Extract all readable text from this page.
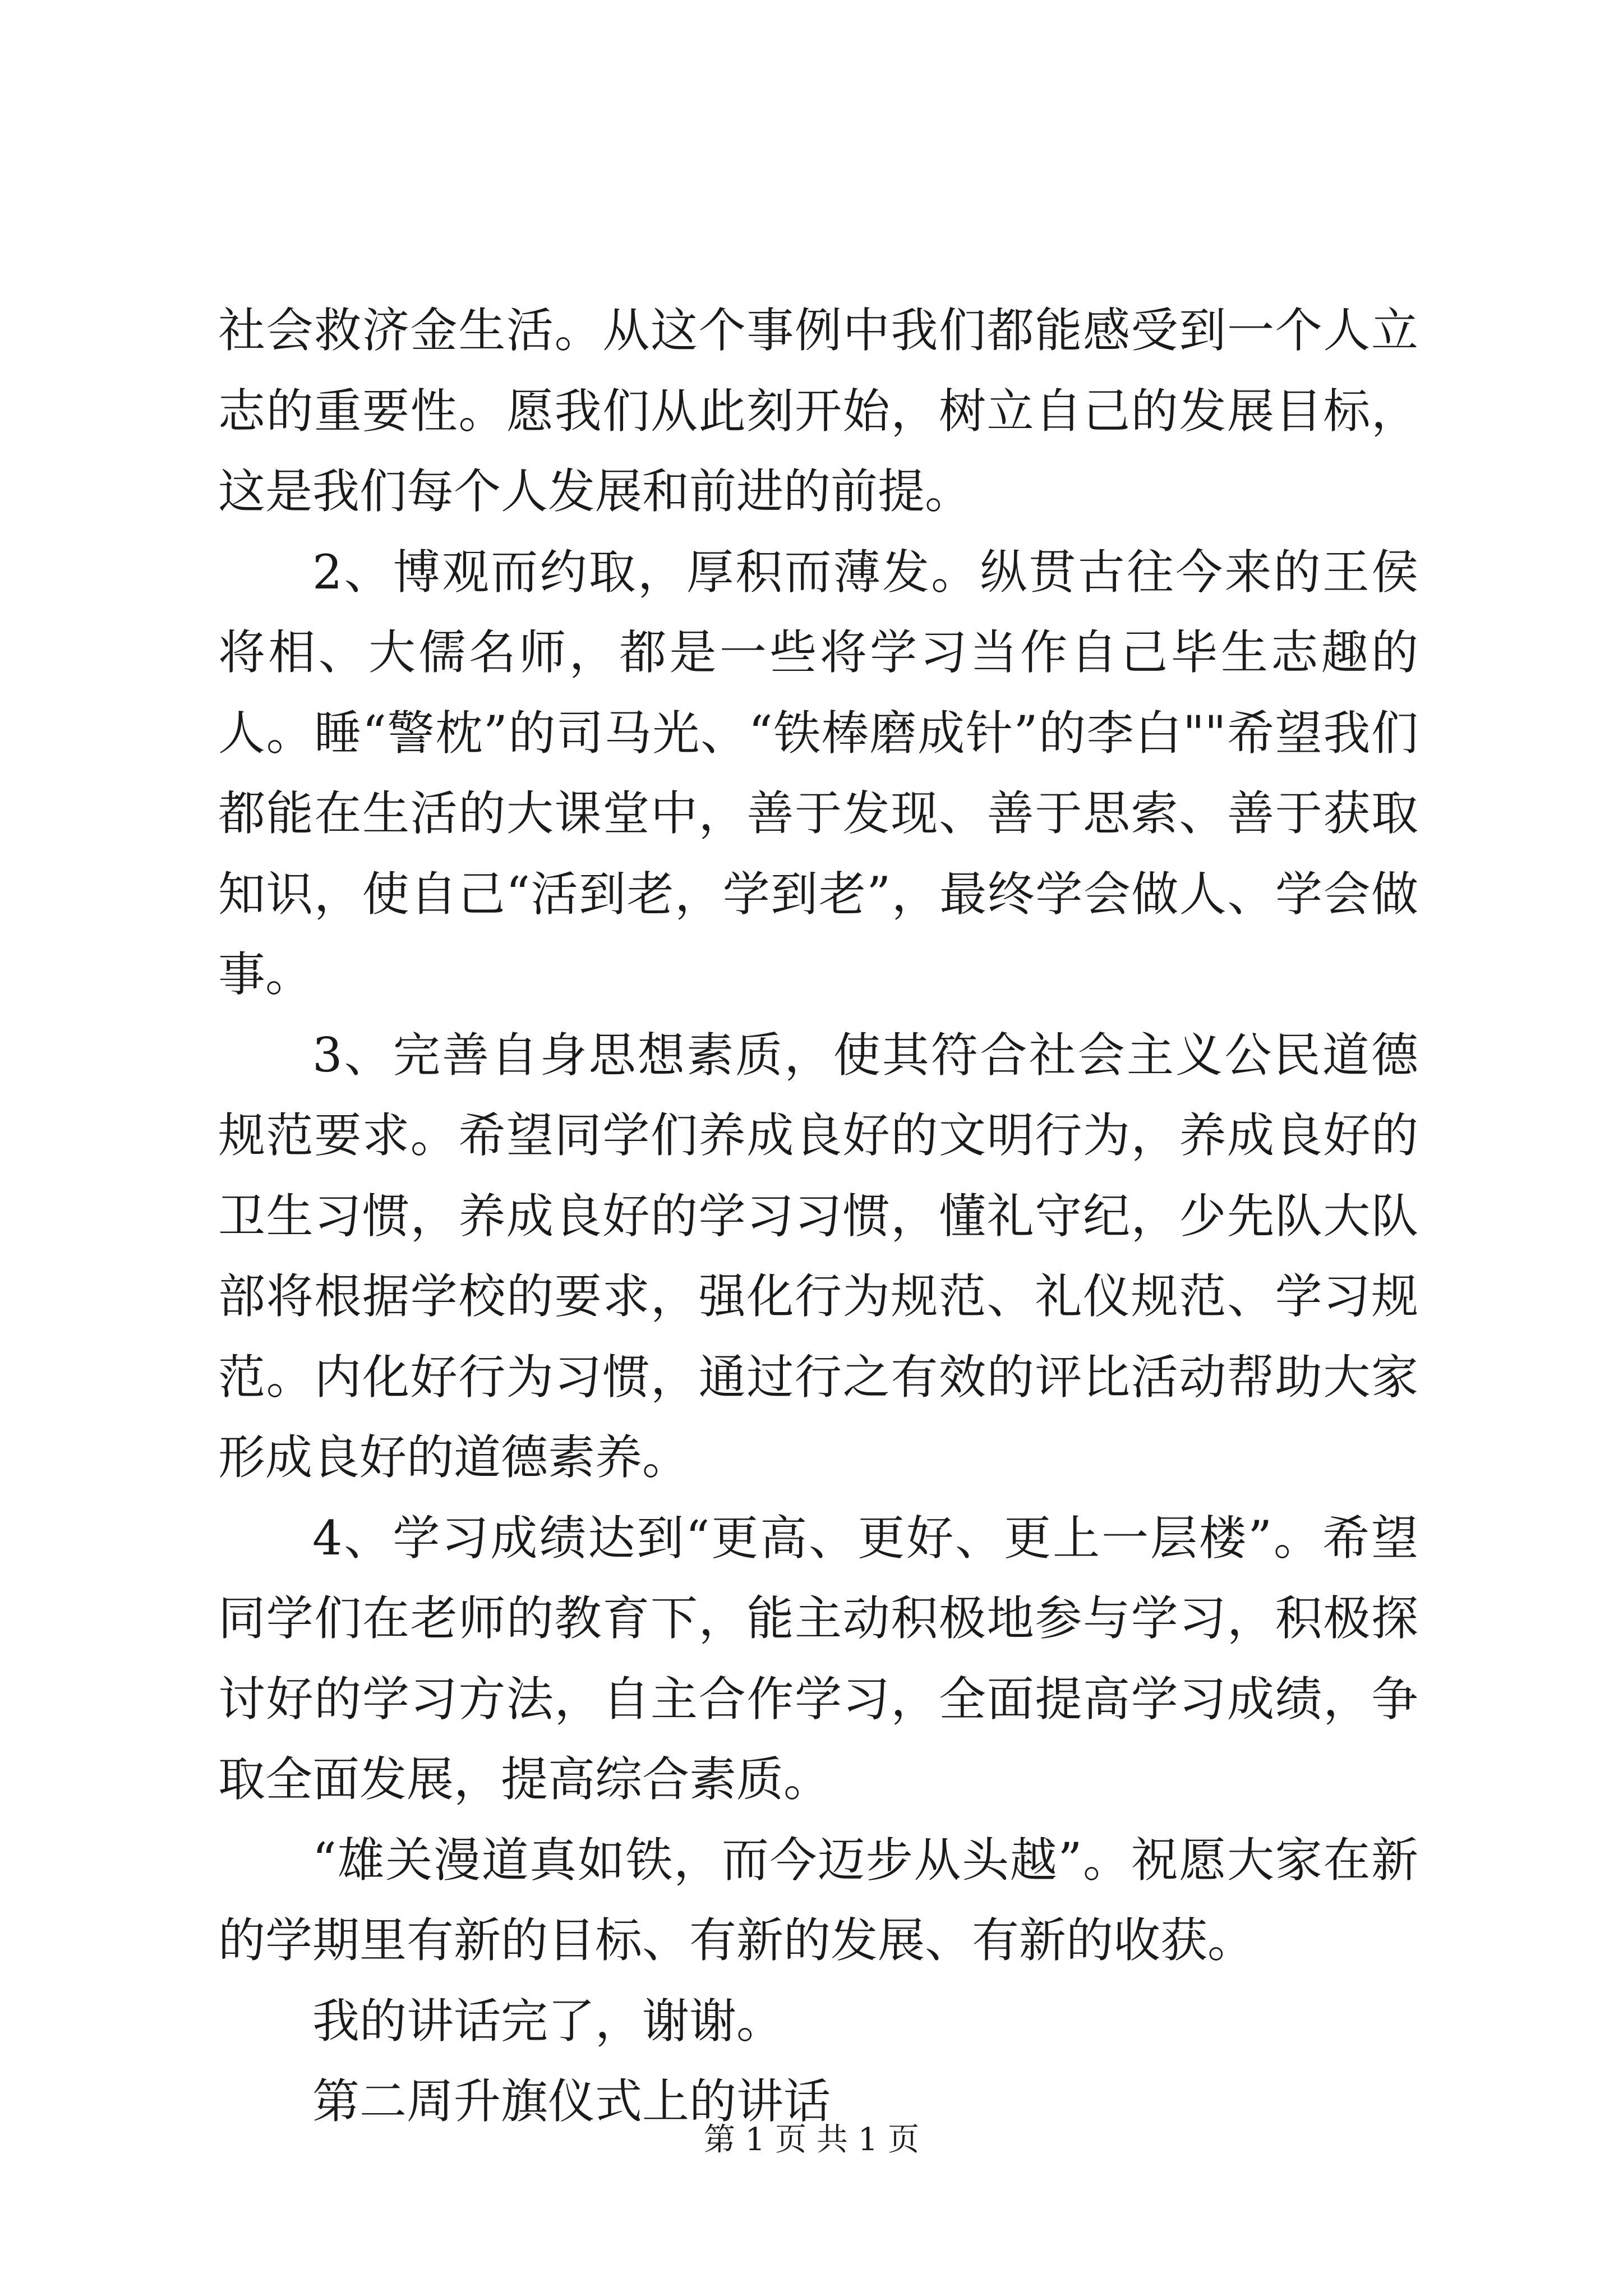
社会救济金生活。从这个事例中我们都能感受到一个人立志的重要性。愿我们从此刻开始，树立自己的发展目标，这是我们每个人发展和前进的前提。

2、博观而约取，厚积而薄发。纵贯古往今来的王侯将相、大儒名师，都是一些将学习当作自己毕生志趣的人。睡“警枕”的司马光、“铁棒磨成针”的李白""希望我们都能在生活的大课堂中，善于发现、善于思索、善于获取知识，使自己“活到老，学到老”，最终学会做人、学会做事。

3、完善自身思想素质，使其符合社会主义公民道德规范要求。希望同学们养成良好的文明行为，养成良好的卫生习惯，养成良好的学习习惯，懂礼守纪，少先队大队部将根据学校的要求，强化行为规范、礼仪规范、学习规范。内化好行为习惯，通过行之有效的评比活动帮助大家形成良好的道德素养。

4、学习成绩达到“更高、更好、更上一层楼”。希望同学们在老师的教育下，能主动积极地参与学习，积极探讨好的学习方法，自主合作学习，全面提高学习成绩，争取全面发展，提高综合素质。

“雄关漫道真如铁，而今迈步从头越”。祝愿大家在新的学期里有新的目标、有新的发展、有新的收获。

我的讲话完了，谢谢。

第二周升旗仪式上的讲话

第 1 页 共 1 页
